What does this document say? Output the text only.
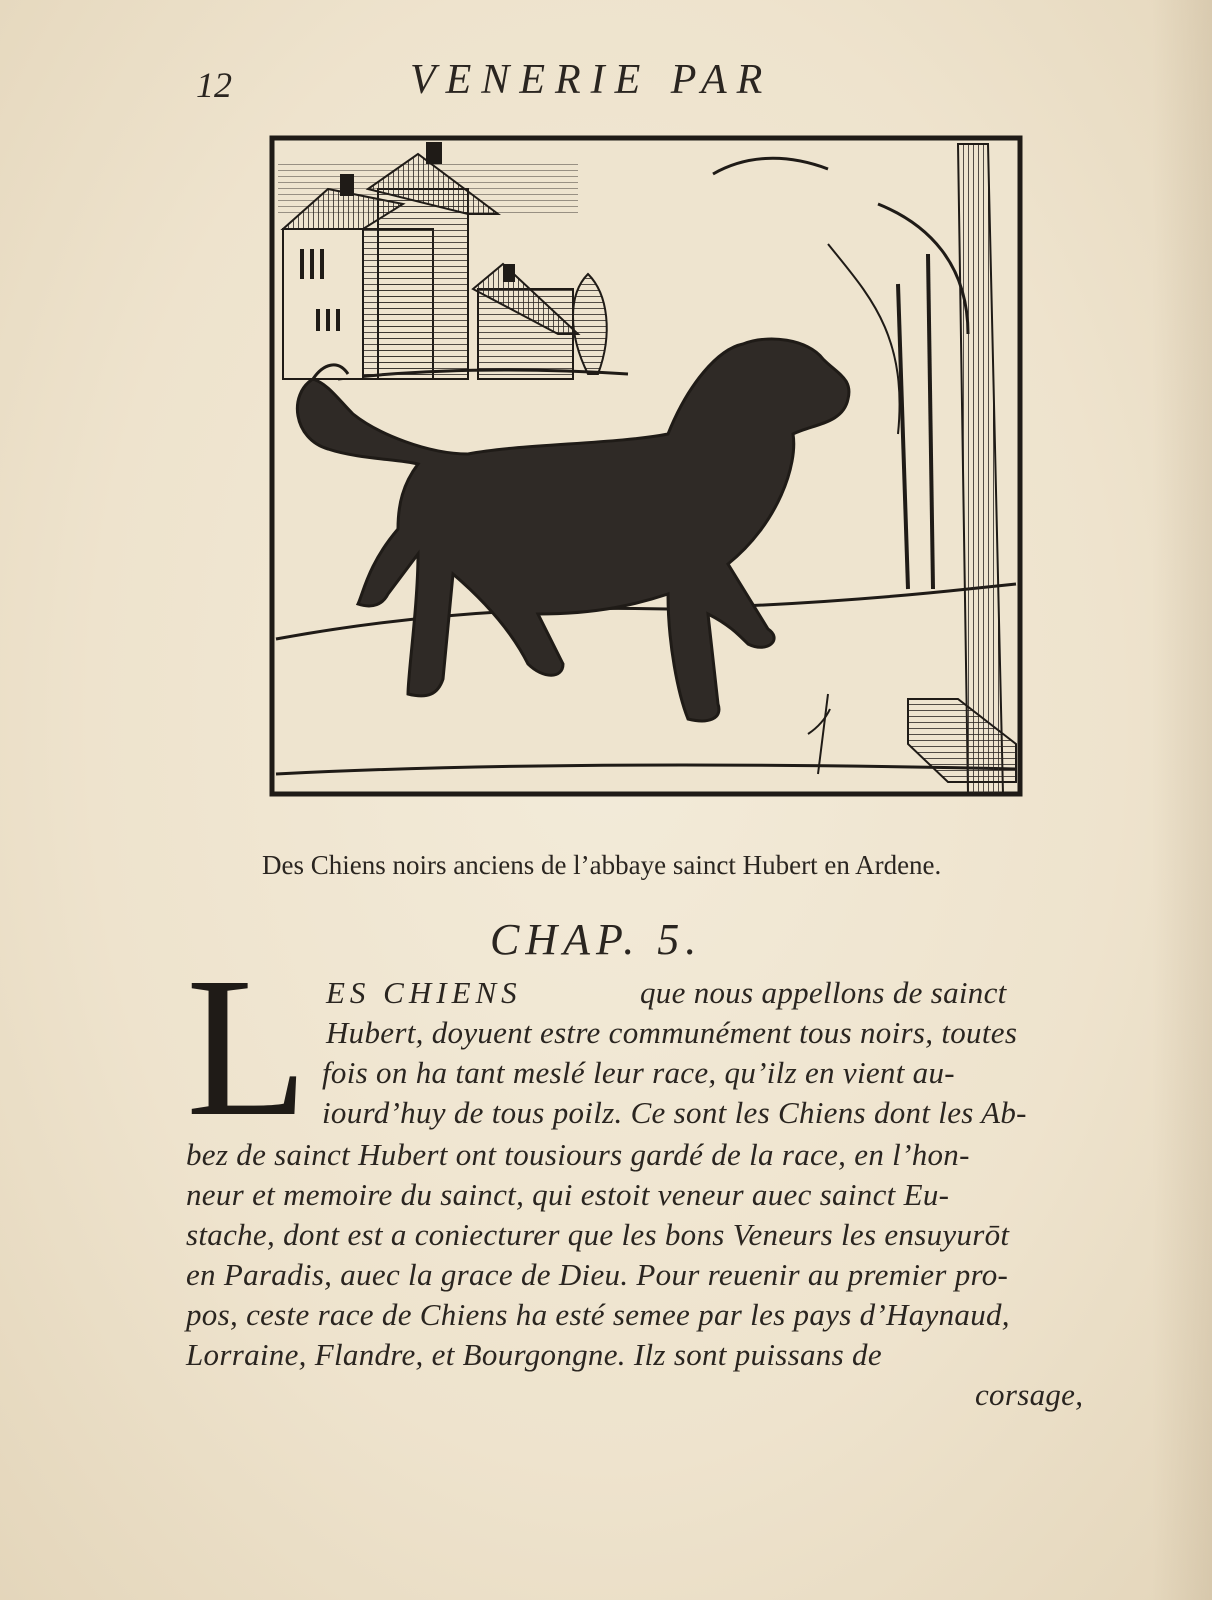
12	VENERIE PAR
Des Chiens noirs anciens de l’abbaye sainct Hubert en Ardene.
CHAP. 5.
L ES CHIENS	que nous appellons de sainct
Hubert, doyuent estre communément tous noirs, toutes
fois on ha tant meslé leur race, qu’ilz en vient au-
iourd’huy de tous poilz. Ce sont les Chiens dont les Ab-
bez de sainct Hubert ont tousiours gardé de la race, en l’hon-
neur et memoire du sainct, qui estoit veneur auec sainct Eu-
stache, dont est a coniecturer que les bons Veneurs les ensuyurōt
en Paradis, auec la grace de Dieu. Pour reuenir au premier pro-
pos, ceste race de Chiens ha esté semee par les pays d’Haynaud,
Lorraine, Flandre, et Bourgongne. Ilz sont puissans de
corsage,
